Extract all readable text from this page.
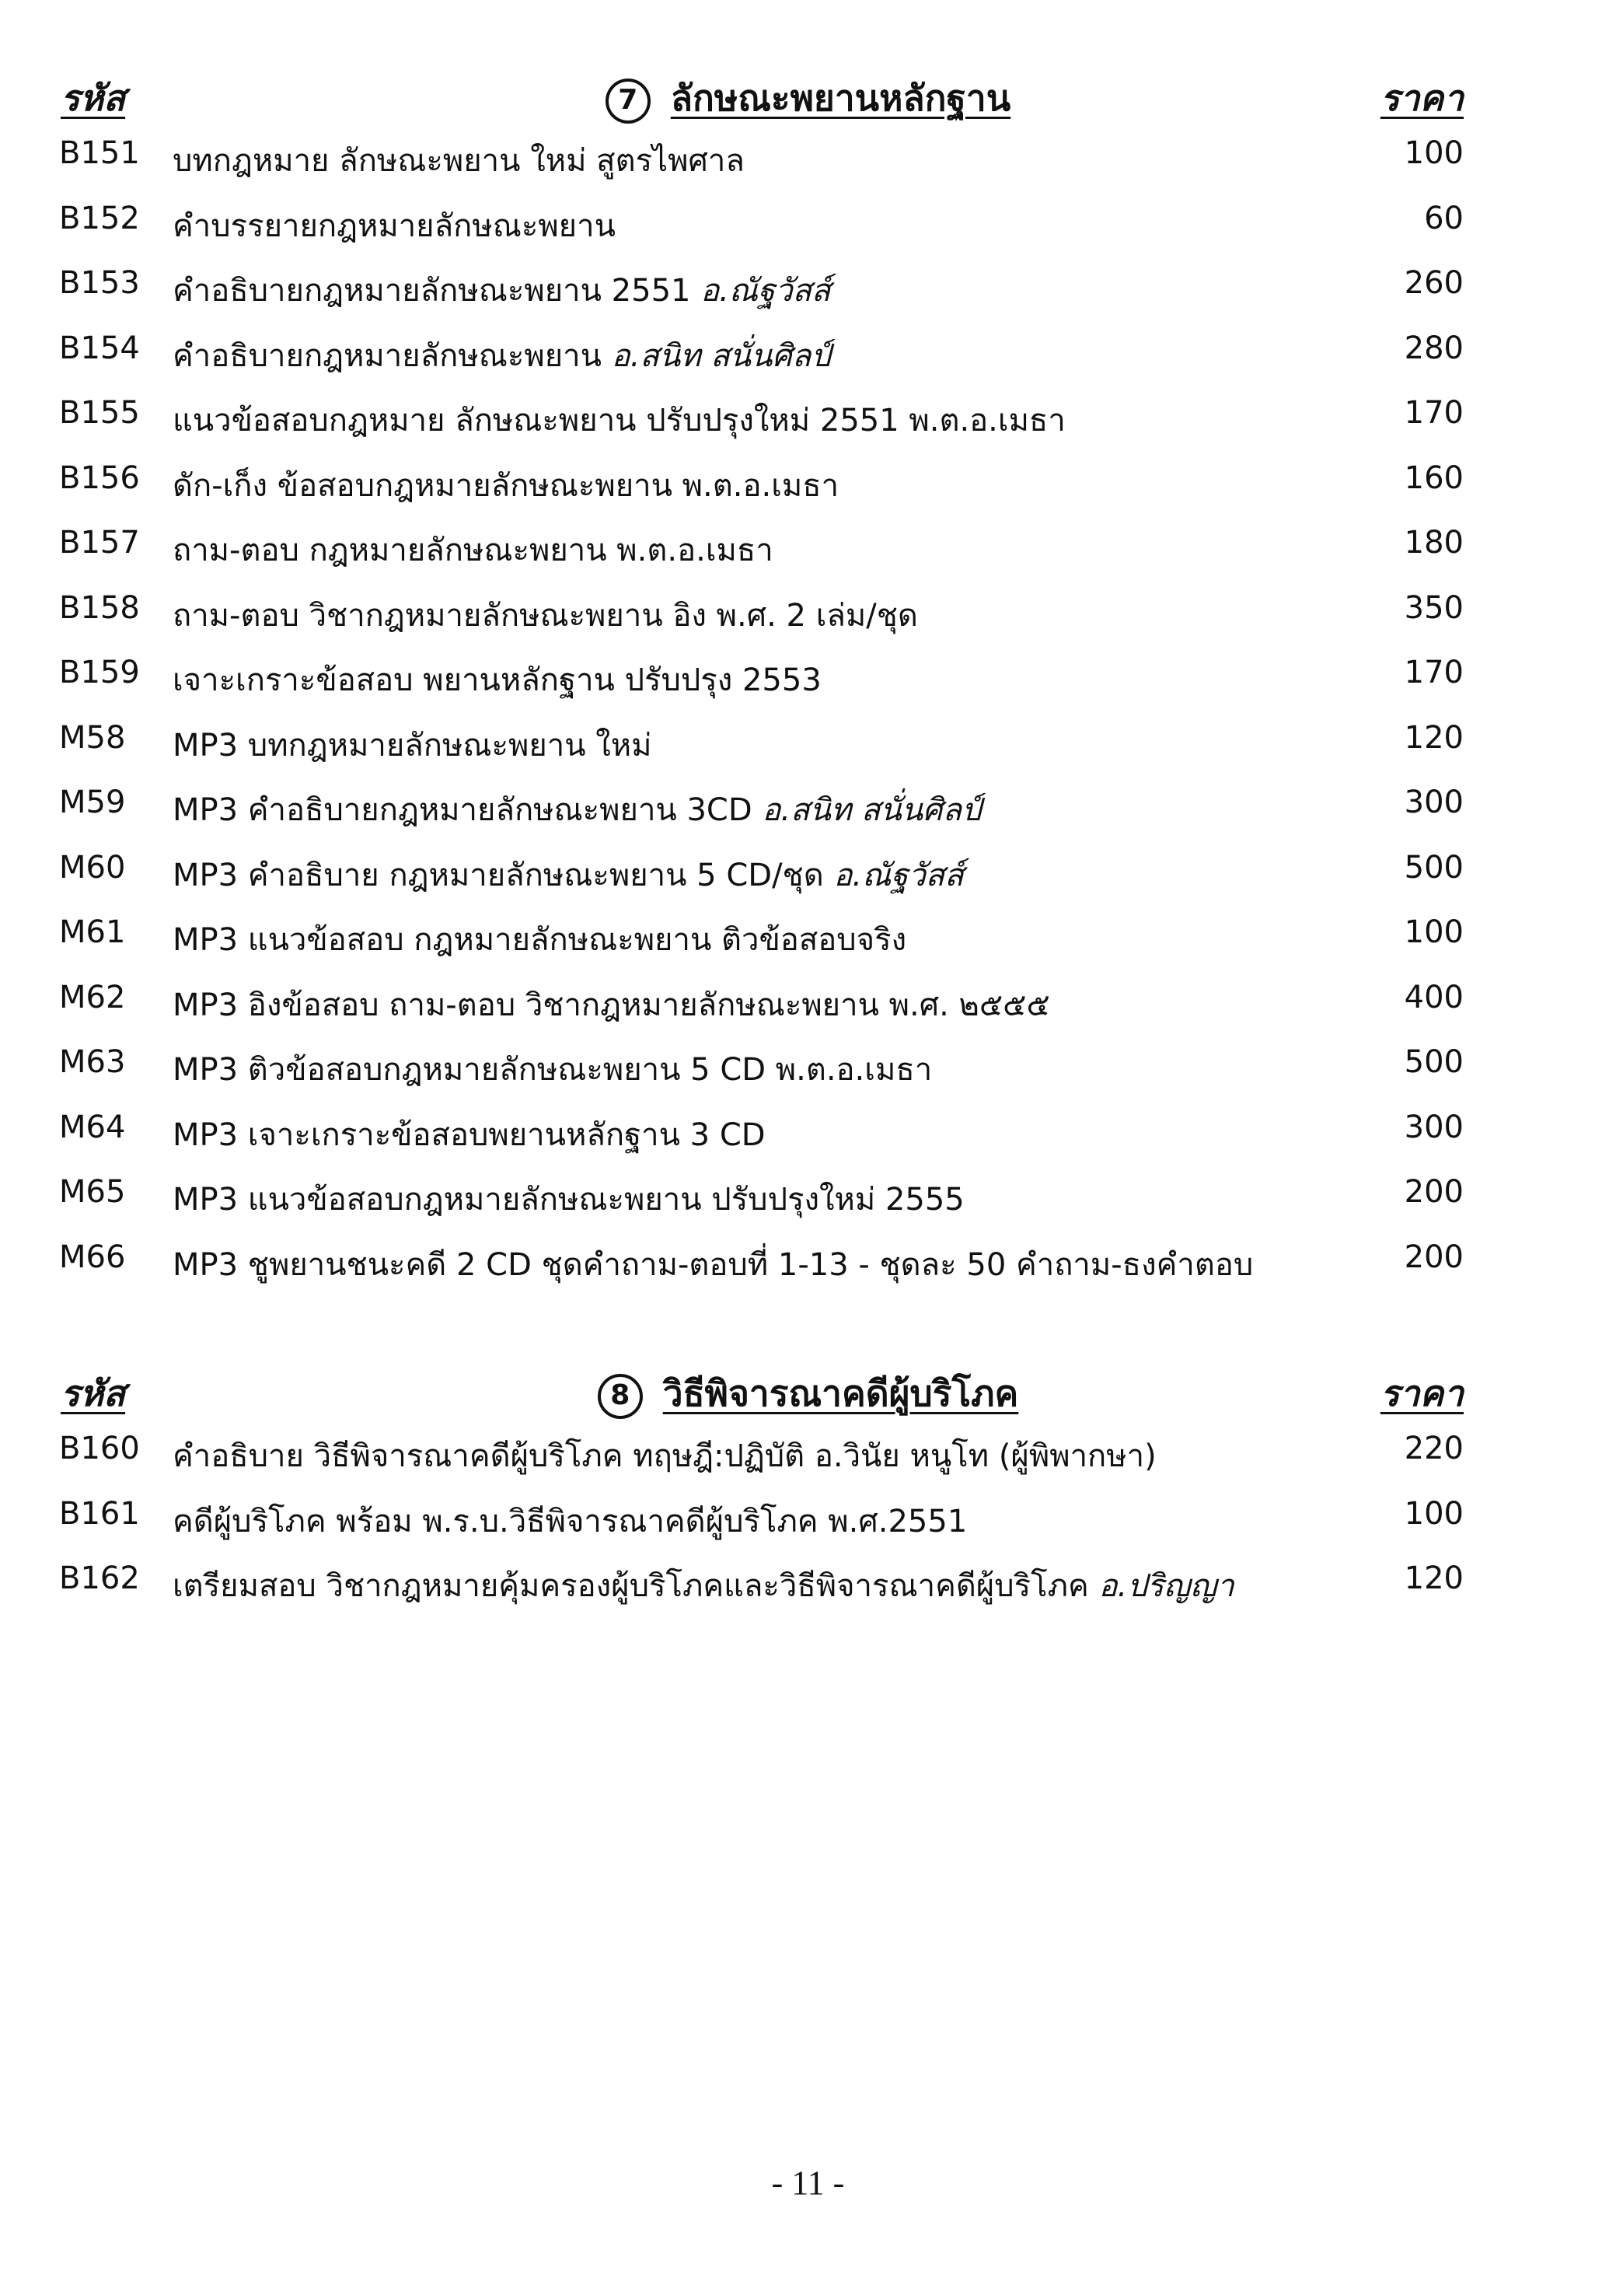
รหัส	7 ลักษณะพยานหลักฐาน	ราคา
B151 บทกฎหมาย ลักษณะพยาน ใหม่ สูตรไพศาล	100
B152 คำบรรยายกฎหมายลักษณะพยาน	60
B153 คำอธิบายกฎหมายลักษณะพยาน 2551 อ.ณัฐวัสส์	260
B154 คำอธิบายกฎหมายลักษณะพยาน อ.สนิท สนั่นศิลป์	280
B155 แนวข้อสอบกฎหมาย ลักษณะพยาน ปรับปรุงใหม่ 2551 พ.ต.อ.เมธา	170
B156 ดัก-เก็ง ข้อสอบกฎหมายลักษณะพยาน พ.ต.อ.เมธา	160
B157 ถาม-ตอบ กฎหมายลักษณะพยาน พ.ต.อ.เมธา	180
B158 ถาม-ตอบ วิชากฎหมายลักษณะพยาน อิง พ.ศ. 2 เล่ม/ชุด	350
B159 เจาะเกราะข้อสอบ พยานหลักฐาน ปรับปรุง 2553	170
M58 MP3 บทกฎหมายลักษณะพยาน ใหม่	120
M59 MP3 คำอธิบายกฎหมายลักษณะพยาน 3CD อ.สนิท สนั่นศิลป์	300
M60 MP3 คำอธิบาย กฎหมายลักษณะพยาน 5 CD/ชุด อ.ณัฐวัสส์	500
M61 MP3 แนวข้อสอบ กฎหมายลักษณะพยาน ติวข้อสอบจริง	100
M62 MP3 อิงข้อสอบ ถาม-ตอบ วิชากฎหมายลักษณะพยาน พ.ศ. ๒๕๕๕	400
M63 MP3 ติวข้อสอบกฎหมายลักษณะพยาน 5 CD พ.ต.อ.เมธา	500
M64 MP3 เจาะเกราะข้อสอบพยานหลักฐาน 3 CD	300
M65 MP3 แนวข้อสอบกฎหมายลักษณะพยาน ปรับปรุงใหม่ 2555	200
M66 MP3 ชูพยานชนะคดี 2 CD ชุดคำถาม-ตอบที่ 1-13 - ชุดละ 50 คำถาม-ธงคำตอบ	200
รหัส	8 วิธีพิจารณาคดีผู้บริโภค	ราคา
B160 คำอธิบาย วิธีพิจารณาคดีผู้บริโภค ทฤษฎี:ปฏิบัติ อ.วินัย หนูโท (ผู้พิพากษา)	220
B161 คดีผู้บริโภค พร้อม พ.ร.บ.วิธีพิจารณาคดีผู้บริโภค พ.ศ.2551	100
B162 เตรียมสอบ วิชากฎหมายคุ้มครองผู้บริโภคและวิธีพิจารณาคดีผู้บริโภค อ.ปริญญา	120
- 11 -
